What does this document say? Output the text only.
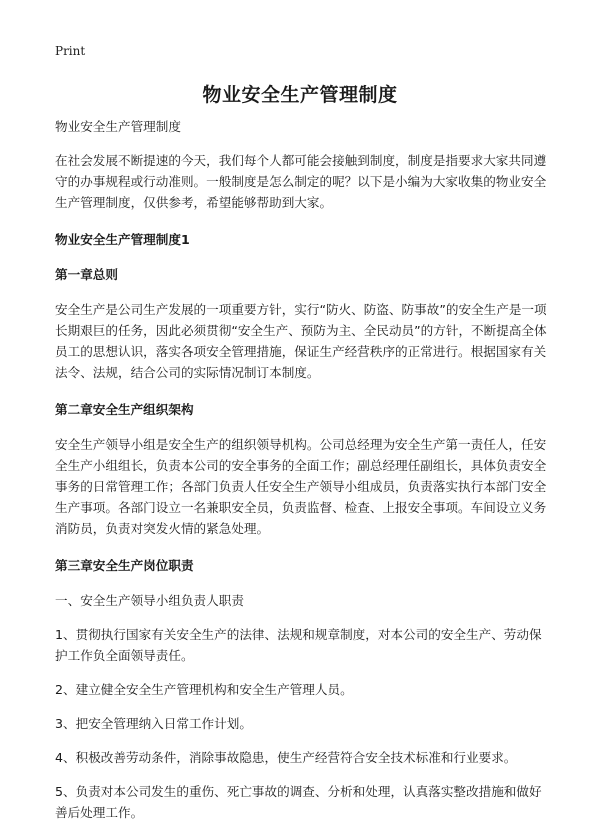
Print
物业安全生产管理制度

物业安全生产管理制度

在社会发展不断提速的今天，我们每个人都可能会接触到制度，制度是指要求大家共同遵守的办事规程或行动准则。一般制度是怎么制定的呢？以下是小编为大家收集的物业安全生产管理制度，仅供参考，希望能够帮助到大家。

物业安全生产管理制度1

第一章总则

安全生产是公司生产发展的一项重要方针，实行“防火、防盗、防事故”的安全生产是一项长期艰巨的任务，因此必须贯彻“安全生产、预防为主、全民动员”的方针，不断提高全体员工的思想认识，落实各项安全管理措施，保证生产经营秩序的正常进行。根据国家有关法令、法规，结合公司的实际情况制订本制度。

第二章安全生产组织架构

安全生产领导小组是安全生产的组织领导机构。公司总经理为安全生产第一责任人，任安全生产小组组长，负责本公司的安全事务的全面工作；副总经理任副组长，具体负责安全事务的日常管理工作；各部门负责人任安全生产领导小组成员，负责落实执行本部门安全生产事项。各部门设立一名兼职安全员，负责监督、检查、上报安全事项。车间设立义务消防员，负责对突发火情的紧急处理。

第三章安全生产岗位职责

一、安全生产领导小组负责人职责

1、贯彻执行国家有关安全生产的法律、法规和规章制度，对本公司的安全生产、劳动保护工作负全面领导责任。

2、建立健全安全生产管理机构和安全生产管理人员。

3、把安全管理纳入日常工作计划。

4、积极改善劳动条件，消除事故隐患，使生产经营符合安全技术标准和行业要求。

5、负责对本公司发生的重伤、死亡事故的调查、分析和处理，认真落实整改措施和做好善后处理工作。
